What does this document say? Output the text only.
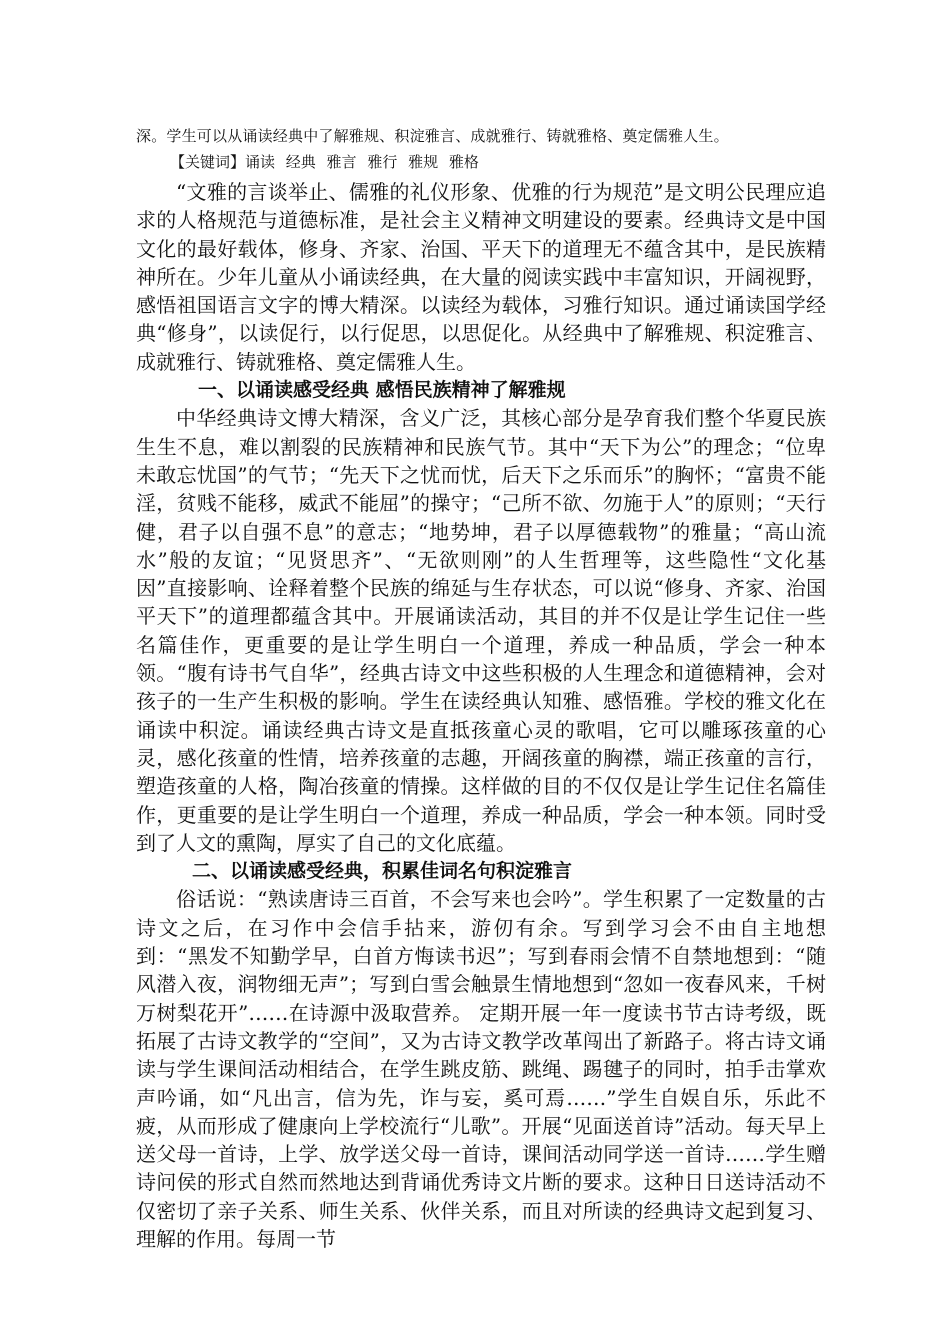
深。学生可以从诵读经典中了解雅规、积淀雅言、成就雅行、铸就雅格、奠定儒雅人生。
【关键词】诵读 经典 雅言 雅行 雅规 雅格

“文雅的言谈举止、儒雅的礼仪形象、优雅的行为规范”是文明公民理应追求的人格规范与道德标准，是社会主义精神文明建设的要素。经典诗文是中国文化的最好载体，修身、齐家、治国、平天下的道理无不蕴含其中，是民族精神所在。少年儿童从小诵读经典，在大量的阅读实践中丰富知识，开阔视野，感悟祖国语言文字的博大精深。以读经为载体，习雅行知识。通过诵读国学经典“修身”，以读促行，以行促思，以思促化。从经典中了解雅规、积淀雅言、成就雅行、铸就雅格、奠定儒雅人生。

一、以诵读感受经典 感悟民族精神了解雅规

中华经典诗文博大精深，含义广泛，其核心部分是孕育我们整个华夏民族生生不息，难以割裂的民族精神和民族气节。其中“天下为公”的理念；“位卑未敢忘忧国”的气节；“先天下之忧而忧，后天下之乐而乐”的胸怀；“富贵不能淫，贫贱不能移，威武不能屈”的操守；“己所不欲、勿施于人”的原则；“天行健，君子以自强不息”的意志；“地势坤，君子以厚德载物”的雅量；“高山流水”般的友谊；“见贤思齐”、“无欲则刚”的人生哲理等，这些隐性“文化基因”直接影响、诠释着整个民族的绵延与生存状态，可以说“修身、齐家、治国平天下”的道理都蕴含其中。开展诵读活动，其目的并不仅是让学生记住一些名篇佳作，更重要的是让学生明白一个道理，养成一种品质，学会一种本领。“腹有诗书气自华”，经典古诗文中这些积极的人生理念和道德精神，会对孩子的一生产生积极的影响。学生在读经典认知雅、感悟雅。学校的雅文化在诵读中积淀。诵读经典古诗文是直抵孩童心灵的歌唱，它可以雕琢孩童的心灵，感化孩童的性情，培养孩童的志趣，开阔孩童的胸襟，端正孩童的言行，塑造孩童的人格，陶冶孩童的情操。这样做的目的不仅仅是让学生记住名篇佳作，更重要的是让学生明白一个道理，养成一种品质，学会一种本领。同时受到了人文的熏陶，厚实了自己的文化底蕴。

二、以诵读感受经典，积累佳词名句积淀雅言

俗话说：“熟读唐诗三百首，不会写来也会吟”。学生积累了一定数量的古诗文之后，在习作中会信手拈来，游仞有余。写到学习会不由自主地想到：“黑发不知勤学早，白首方悔读书迟”；写到春雨会情不自禁地想到：“随风潜入夜，润物细无声”；写到白雪会触景生情地想到“忽如一夜春风来，千树万树梨花开”……在诗源中汲取营养。 定期开展一年一度读书节古诗考级，既拓展了古诗文教学的“空间”，又为古诗文教学改革闯出了新路子。将古诗文诵读与学生课间活动相结合，在学生跳皮筋、跳绳、踢毽子的同时，拍手击掌欢声吟诵，如“凡出言，信为先，诈与妄，奚可焉……”学生自娱自乐，乐此不疲，从而形成了健康向上学校流行“儿歌”。开展“见面送首诗”活动。每天早上送父母一首诗，上学、放学送父母一首诗，课间活动同学送一首诗……学生赠诗问侯的形式自然而然地达到背诵优秀诗文片断的要求。这种日日送诗活动不仅密切了亲子关系、师生关系、伙伴关系，而且对所读的经典诗文起到复习、理解的作用。每周一节
